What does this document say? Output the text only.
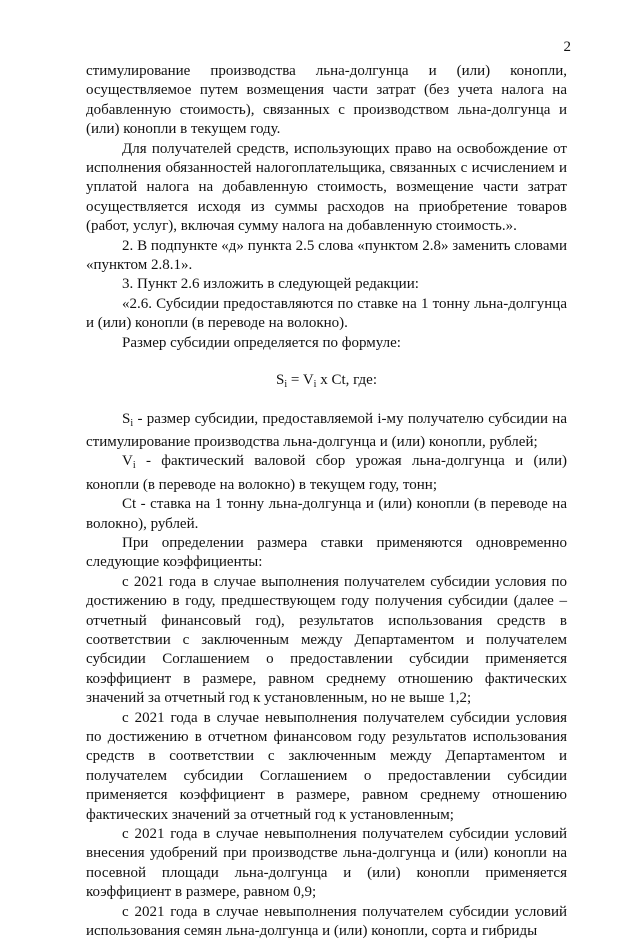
2

стимулирование производства льна-долгунца и (или) конопли, осуществляемое путем возмещения части затрат (без учета налога на добавленную стоимость), связанных с производством льна-долгунца и (или) конопли в текущем году.

Для получателей средств, использующих право на освобождение от исполнения обязанностей налогоплательщика, связанных с исчислением и уплатой налога на добавленную стоимость, возмещение части затрат осуществляется исходя из суммы расходов на приобретение товаров (работ, услуг), включая сумму налога на добавленную стоимость.».

2. В подпункте «д» пункта 2.5 слова «пунктом 2.8» заменить словами «пунктом 2.8.1».

3. Пункт 2.6 изложить в следующей редакции:

«2.6. Субсидии предоставляются по ставке на 1 тонну льна-долгунца и (или) конопли (в переводе на волокно).

Размер субсидии определяется по формуле:

$S_i = V_i$ x Ct, где:

$S_i$ - размер субсидии, предоставляемой i-му получателю субсидии на стимулирование производства льна-долгунца и (или) конопли, рублей;

$V_i$ - фактический валовой сбор урожая льна-долгунца и (или) конопли (в переводе на волокно) в текущем году, тонн;

Ct - ставка на 1 тонну льна-долгунца и (или) конопли (в переводе на волокно), рублей.

При определении размера ставки применяются одновременно следующие коэффициенты:

с 2021 года в случае выполнения получателем субсидии условия по достижению в году, предшествующем году получения субсидии (далее – отчетный финансовый год), результатов использования средств в соответствии с заключенным между Департаментом и получателем субсидии Соглашением о предоставлении субсидии применяется коэффициент в размере, равном среднему отношению фактических значений за отчетный год к установленным, но не выше 1,2;

с 2021 года в случае невыполнения получателем субсидии условия по достижению в отчетном финансовом году результатов использования средств в соответствии с заключенным между Департаментом и получателем субсидии Соглашением о предоставлении субсидии применяется коэффициент в размере, равном среднему отношению фактических значений за отчетный год к установленным;

с 2021 года в случае невыполнения получателем субсидии условий внесения удобрений при производстве льна-долгунца и (или) конопли на посевной площади льна-долгунца и (или) конопли применяется коэффициент в размере, равном 0,9;

с 2021 года в случае невыполнения получателем субсидии условий использования семян льна-долгунца и (или) конопли, сорта и гибриды
